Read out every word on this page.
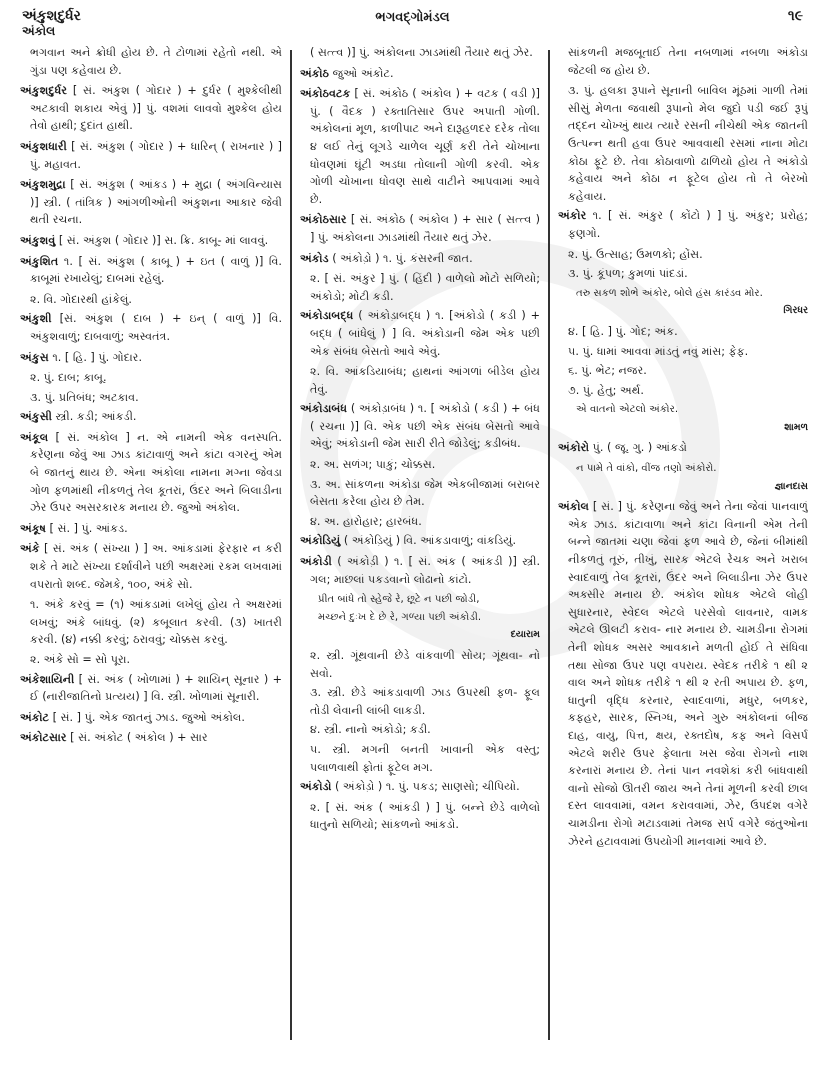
અંકુશદુર્ધર
અંકોલ
ભગવદ્ગોમંડલ	૧૯

ભગવાન અને ક્રોધી હોય છે. તે ટોળામાં રહેતો નથી. એ ગુંડા પણ કહેવાય છે.

અંકુશદુર્ધર [ સં. અંકુશ ( ગોદાર ) + દુર્ધર ( મુશ્કેલીથી અટકાવી શકાય એવું )] પું. વશમાં લાવવો મુશ્કેલ હોય તેવો હાથી; દુદાંત હાથી.

અંકુશધારી [ સં. અંકુશ ( ગોદાર ) + ધારિન્ ( રાખનાર ) ] પું. મહાવત.

અંકુશમુદ્રા [ સં. અંકુશ ( આંકડ ) + મુદ્રા ( અંગવિન્યાસ )] સ્ત્રી. ( તાંત્રિક ) આંગળીઓની અંકુશના આકાર જેવી થતી રચના.

અંકુશવું [ સં. અંકુશ ( ગોદાર )] સ. ક્રિ. કાબૂ- માં લાવવું.

અંકુશિત ૧. [ સં. અંકુશ ( કાબૂ ) + ઇત ( વાળું )] વિ. કાબૂમાં રખાયેલું; દાબમાં રહેલું.

૨. વિ. ગોદારથી હાંકેલું.

અંકુશી [સં. અંકુશ ( દાબ ) + ઇન્ ( વાળું )] વિ. અંકુશવાળું; દાબવાળું; અસ્વતંત્ર.

અંકુસ ૧. [ હિ. ] પું. ગોદાર.

૨. પું. દાબ; કાબૂ.

૩. પું. પ્રતિબંધ; અટકાવ.

અંકુસી સ્ત્રી. કડી; આંકડી.

અંકૂલ [ સં. અંકોલ ] ન. એ નામની એક વનસ્પતિ. કરેણના જેવું આ ઝાડ કાંટાવાળું અને કાંટા વગરનું એમ બે જાતનું થાય છે. એના અંકોલા નામના મગ્ના જેવડા ગોળ ફળમાંથી નીકળતું તેલ કૂતરાં, ઉંદર અને બિલાડીના ઝેર ઉપર અસરકારક મનાય છે. જુઓ અંકોલ.

અંકૂષ [ સં. ] પું. આંકડ.

અંકે [ સં. અંક ( સંખ્યા ) ] અ. આંકડામાં ફેરફાર ન કરી શકે તે માટે સંખ્યા દર્શાવીને પછી અક્ષરમાં રકમ લખવામાં વપરાતો શબ્દ. જેમકે, ૧૦૦, અંકે સો.

૧. અંકે કરવું = (૧) આંકડામાં લખેલું હોય તે અક્ષરમાં લખવું; અંકે બાંધવું. (૨) કબૂલાત કરવી. (૩) ખાતરી કરવી. (૪) નક્કી કરવું; ઠરાવવું; ચોક્કસ કરવું.

૨. અંકે સો = સો પૂરા.

અંકેશાયિની [ સં. અંક ( ખોળામાં ) + શાયિન્ સૂનાર ) + ઈ (નારીજાતિનો પ્રત્યય) ] વિ. સ્ત્રી. ખોળામાં સૂનારી.

અંકોટ [ સં. ] પું. એક જાતનું ઝાડ. જુઓ અંકોલ.

અંકોટસાર [ સં. અંકોટ ( અંકોલ ) + સાર

( સત્ત્વ )] પું. અંકોલના ઝાડમાંથી તૈયાર થતું ઝેર.

અંકોઠ જુઓ અંકોટ.

અંકોઠવટક [ સં. અંકોઠ ( અંકોલ ) + વટક ( વડી )] પું. ( વૈદક ) રક્તાતિસાર ઉપર અપાતી ગોળી. અંકોલનાં મૂળ, કાળીપાટ અને દારૂહળદર દરેક તોલા ૪ લઈ તેનું લૂગડે ચાળેલ ચૂર્ણ કરી તેને ચોખાના ધોવણમાં ઘૂંટી અડધા તોલાની ગોળી કરવી. એક ગોળી ચોખાના ધોવણ સાથે વાટીને આપવામાં આવે છે.

અંકોઠસાર [ સં. અંકોઠ ( અંકોલ ) + સાર ( સત્ત્વ ) ] પું. અંકોલના ઝાડમાંથી તૈયાર થતું ઝેર.

અંકોડ ( અંકોડ઼ો ) ૧. પું. કંસરની જાત.

૨. [ સં. અંકુર ] પું. ( હિંદી ) વાળેલો મોટો સળિયો; અંકોડો; મોટી કડી.

અંકોડાબદ્ધ ( અંકોડ઼ાબદ્ધ ) ૧. [અંકોડો ( કડી ) + બદ્ધ ( બાંધેલું ) ] વિ. અંકોડાની જેમ એક પછી એક સંબંધ બેસતો આવે એવું.

૨. વિ. આંકડિયાબંધ; હાથનાં આંગળાં બીડેલ હોય તેવું.

અંકોડાબંધ ( અંકોડ઼ાબંધ ) ૧. [ અંકોડો ( કડી ) + બંધ ( રચના )] વિ. એક પછી એક સંબંધ બેસતો આવે એવું; અંકોડાની જેમ સારી રીતે જોડેલું; કડીબંધ.

૨. અ. સળંગ; પાકું; ચોક્કસ.

૩. અ. સાંકળના અંકોડા જેમ એકબીજામાં બરાબર બેસતા કરેલા હોય છે તેમ.

૪. અ. હારોહાર; હારબંધ.

અંકોડિયું ( અંકોડ઼િયું ) વિ. આંકડાવાળું; વાંકડિયું.

અંકોડી ( અંકોડ઼ી ) ૧. [ સં. અંક ( આંકડી )] સ્ત્રી. ગલ; માછલાં પકડવાનો લોઢાનો કાંટો.

પ્રીત બાંધે તો સ્હેજે રે, છૂટે ન પછી જોડી,

મચ્છને દુઃખ દે છે રે, ગળ્યા પછી અંકોડી.

દયારામ

૨. સ્ત્રી. ગૂંથવાની છેડે વાંકવાળી સોય; ગૂંથવા- નો સવો.

૩. સ્ત્રી. છેડે આંકડાવાળી ઝાડ ઉપરથી ફળ- ફૂલ તોડી લેવાની લાંબી લાકડી.

૪. સ્ત્રી. નાનો અંકોડો; કડી.

૫. સ્ત્રી. મગની બનતી ખાવાની એક વસ્તુ; પલાળવાથી ફોતાં ફૂટેલ મગ.

અંકોડો ( અંકોડ઼ો ) ૧. પું. પકડ; સાણસો; ચીપિયો.

૨. [ સં. અંક ( આંકડી ) ] પું. બન્ને છેડે વાળેલો ધાતુનો સળિયો; સાંકળનો આંકડો.

સાંકળની મજબૂતાઈ તેના નબળામાં નબળા અંકોડા જેટલી જ હોય છે.

૩. પું. હલકા રૂપાને સૂનાની બાવિલ મૂંઠમાં ગાળી તેમાં સીસું મેળતા જવાથી રૂપાનો મેલ જુદો પડી જઈ રૂપું તદ્દન ચોખ્ખું થાય ત્યારે રસની નીચેથી એક જાતની ઉત્પન્ન થતી હવા ઉપર આવવાથી રસમાં નાના મોટા કોઠા ફૂટે છે. તેવા કોઠાવાળો ઢાળિયો હોય તે અંકોડો કહેવાય અને કોઠા ન ફૂટેલ હોય તો તે બેરખો કહેવાય.

અંકોર ૧. [ સં. અંકુર ( કોંટો ) ] પું. અંકુર; પ્રરોહ; ફણગો.

૨. પું. ઉત્સાહ; ઉમળકો; હોંસ.

૩. પું. કૂંપળ; કુમળાં પાંદડાં.

તરુ સકળ શોભે અંકોર, બોલે હંસ કારંડવ મોર.

ગિરધર

૪. [ હિ. ] પું. ગોદ; અંક.

૫. પું. ધામાં આવવા માંડતું નવું માંસ; ફેફ.

૬. પું. ભેટ; નજર.

૭. પું. હેતુ; અર્થ.

એ વાતનો એટલો અંકોર.

શામળ

અંકોરો પું. ( જૂ. ગુ. ) આંકડો

ન પામે તે વાંકો, વીંજ તણો અંકોરો.

જ્ઞાનદાસ

અંકોલ [ સં. ] પું. કરેણના જેવું અને તેના જેવાં પાનવાળું એક ઝાડ. કાંટાવાળા અને કાંટા વિનાની એમ તેની બન્ને જાતમાં ચણા જેવાં ફળ આવે છે, જેનાં બીમાંથી નીકળતું તૂરું, તીખું, સારક એટલે રેચક અને ખરાબ સ્વાદવાળું તેલ કૂતરાં, ઉંદર અને બિલાડીના ઝેર ઉપર અક્સીર મનાય છે. અંકોલ શોધક એટલે લોહી સુધારનાર, સ્વેદલ એટલે પરસેવો લાવનાર, વામક એટલે ઊલટી કરાવ- નાર મનાય છે. ચામડીના રોગમાં તેની શોધક અસર આવકાને મળતી હોઈ તે સંધિવા તથા સોજા ઉપર પણ વપરાય. સ્વેદક તરીકે ૧ થી ૨ વાલ અને શોધક તરીકે ૧ થી ૨ રતી અપાય છે. ફળ, ધાતુની વૃદ્ધિ કરનાર, સ્વાદવાળાં, મધુર, બળકર, કફહર, સારક, સ્નિગ્ધ, અને ગુરુ અંકોલનાં બીજ દાહ, વાયુ, પિત્ત, ક્ષય, રક્તદોષ, કફ અને વિસર્પ એટલે શરીર ઉપર ફેલાતા ખસ જેવા રોગનો નાશ કરનારાં મનાય છે. તેનાં પાન નવશેકાં કરી બાંધવાથી વાનો સોજો ઊતરી જાય અને તેનાં મૂળની કરવી છાલ દસ્ત લાવવામાં, વમન કરાવવામાં, ઝેર, ઉપદંશ વગેરે ચામડીના રોગો મટાડવામાં તેમજ સર્પ વગેરે જંતુઓના ઝેરને હટાવવામાં ઉપયોગી માનવામાં આવે છે.
